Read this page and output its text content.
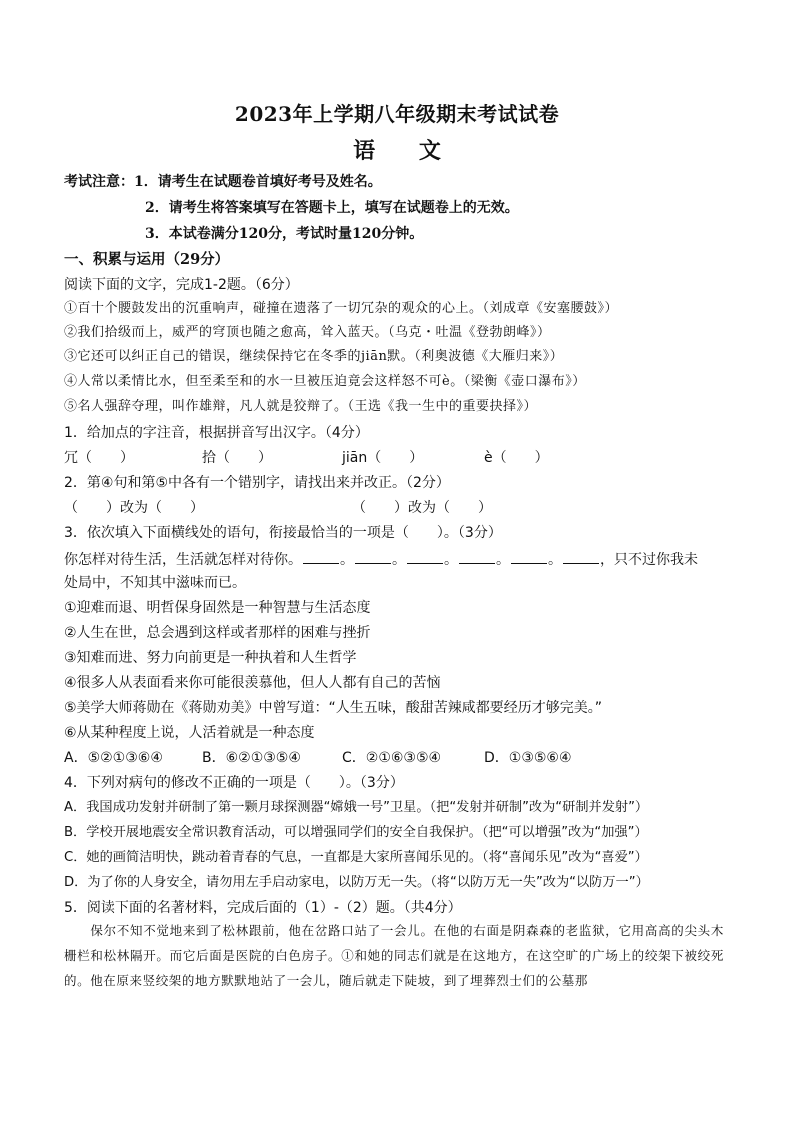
2023年上学期八年级期末考试试卷
语 文
考试注意：1．请考生在试题卷首填好考号及姓名。
2．请考生将答案填写在答题卡上，填写在试题卷上的无效。
3．本试卷满分120分，考试时量120分钟。
一、积累与运用（29分）
阅读下面的文字，完成1-2题。（6分）
①百十个腰鼓发出的沉重响声，碰撞在遗落了一切冗杂的观众的心上。（刘成章《安塞腰鼓》）
②我们拾级而上，威严的穹顶也随之愈高，耸入蓝天。（乌克・吐温《登勃朗峰》）
③它还可以纠正自己的错误，继续保持它在冬季的jiān默。（利奥波德《大雁归来》）
④人常以柔情比水，但至柔至和的水一旦被压迫竟会这样怒不可è。（梁衡《壶口瀑布》）
⑤名人强辞夺理，叫作雄辩，凡人就是狡辩了。（王选《我一生中的重要抉择》）
1．给加点的字注音，根据拼音写出汉字。（4分）
冗（　　）	拾（　　）	jiān（　　）	è（　　）
2．第④句和第⑤中各有一个错别字，请找出来并改正。（2分）
（　　）改为（　　）	（　　）改为（　　）
3．依次填入下面横线处的语句，衔接最恰当的一项是（　　）。（3分）
你怎样对待生活，生活就怎样对待你。	。	。	。	。	。	，只不过你我未
处局中，不知其中滋味而已。
①迎难而退、明哲保身固然是一种智慧与生活态度
②人生在世，总会遇到这样或者那样的困难与挫折
③知难而进、努力向前更是一种执着和人生哲学
④很多人从表面看来你可能很羡慕他，但人人都有自己的苦恼
⑤美学大师蒋勋在《蒋勋劝美》中曾写道：“人生五味，酸甜苦辣咸都要经历才够完美。”
⑥从某种程度上说，人活着就是一种态度
A．⑤②①③⑥④	B．⑥②①③⑤④	C．②①⑥③⑤④	D．①③⑤⑥④
4．下列对病句的修改不正确的一项是（　　）。（3分）
A．我国成功发射并研制了第一颗月球探测器“嫦娥一号”卫星。（把“发射并研制”改为“研制并发射”）
B．学校开展地震安全常识教育活动，可以增强同学们的安全自我保护。（把“可以增强”改为“加强”）
C．她的画简洁明快，跳动着青春的气息，一直都是大家所喜闻乐见的。（将“喜闻乐见”改为“喜爱”）
D．为了你的人身安全，请勿用左手启动家电，以防万无一失。（将“以防万无一失”改为“以防万一”）
5．阅读下面的名著材料，完成后面的（1）-（2）题。（共4分）
　　保尔不知不觉地来到了松林跟前，他在岔路口站了一会儿。在他的右面是阴森森的老监狱，它用高高的尖头木栅栏和松林隔开。而它后面是医院的白色房子。①和她的同志们就是在这地方，在这空旷的广场上的绞架下被绞死的。他在原来竖绞架的地方默默地站了一会儿，随后就走下陡坡，到了埋葬烈士们的公墓那
